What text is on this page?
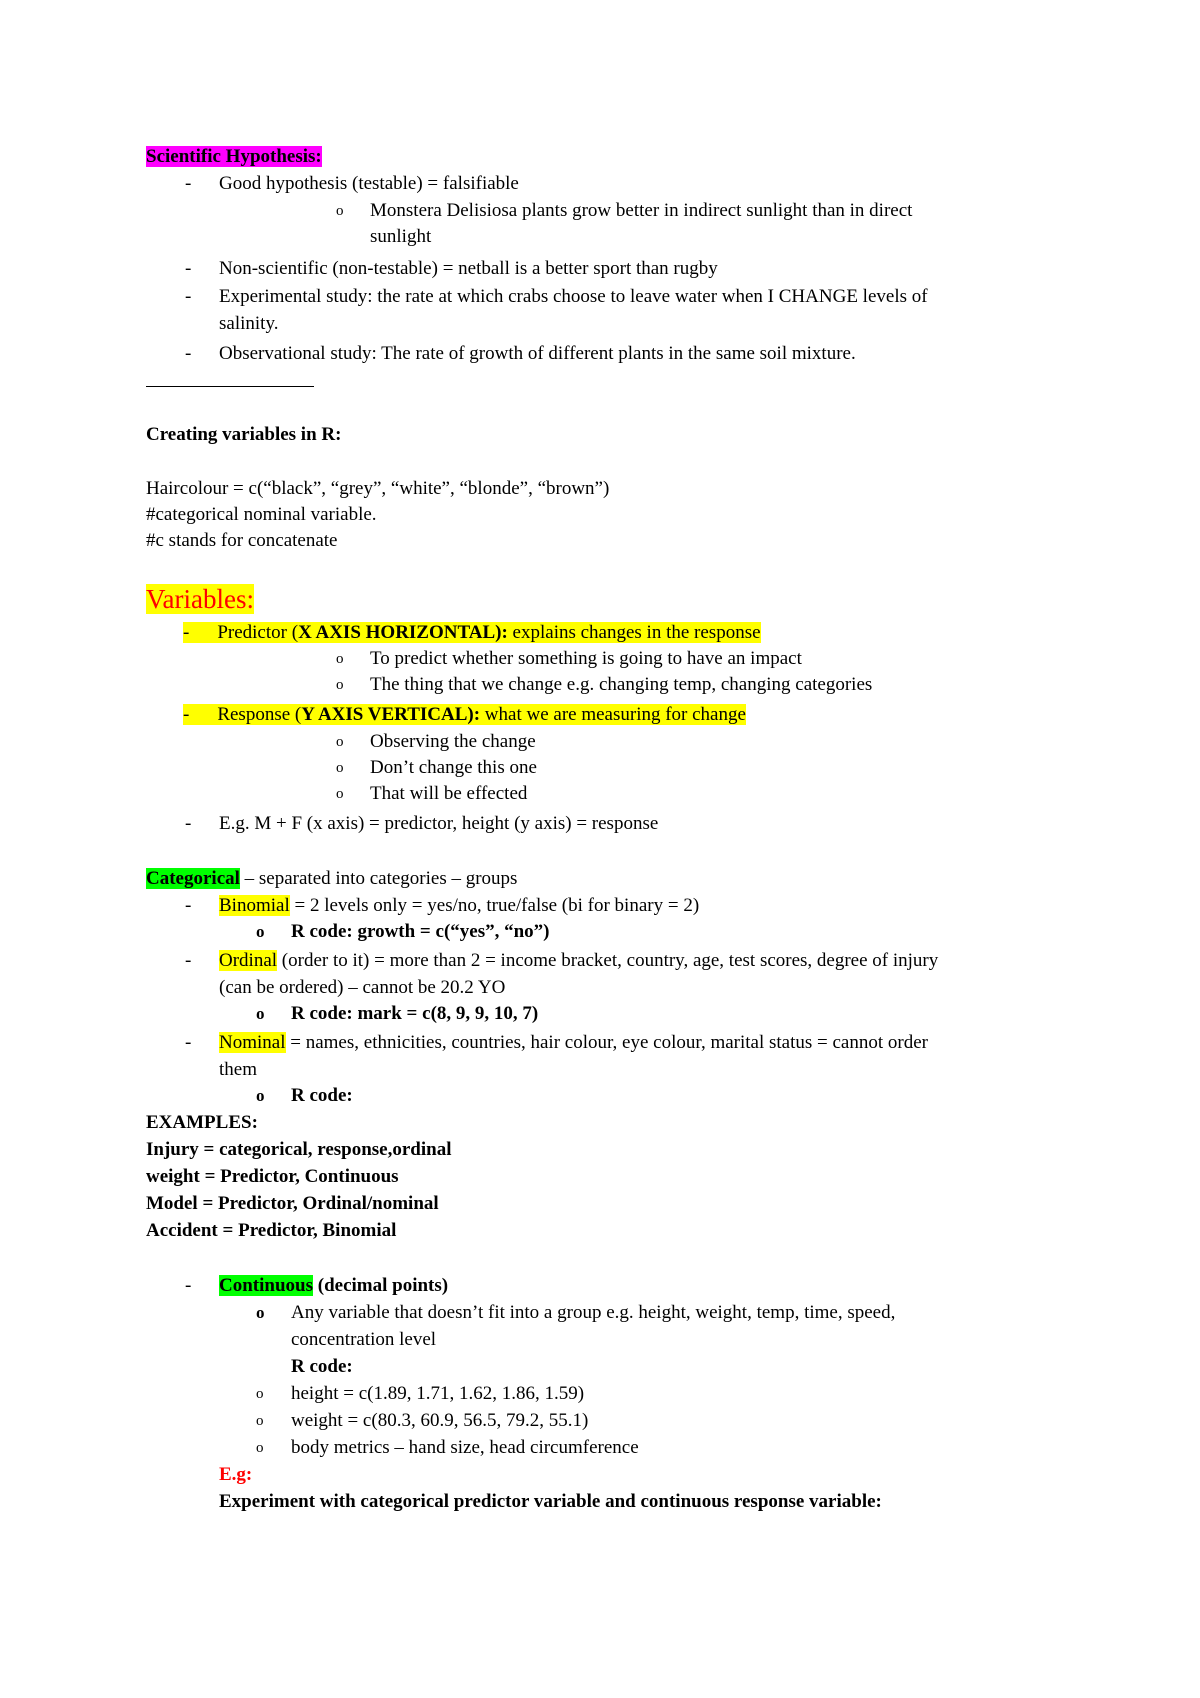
Scientific Hypothesis:
- Good hypothesis (testable) = falsifiable
o Monstera Delisiosa plants grow better in indirect sunlight than in direct
sunlight
- Non-scientific (non-testable) = netball is a better sport than rugby
- Experimental study: the rate at which crabs choose to leave water when I CHANGE levels of
salinity.
- Observational study: The rate of growth of different plants in the same soil mixture.
Creating variables in R:
Haircolour = c(“black”, “grey”, “white”, “blonde”, “brown”)
#categorical nominal variable.
#c stands for concatenate
Variables:
- Predictor (X AXIS HORIZONTAL): explains changes in the response
o To predict whether something is going to have an impact
o The thing that we change e.g. changing temp, changing categories
- Response (Y AXIS VERTICAL): what we are measuring for change
o Observing the change
o Don’t change this one
o That will be effected
- E.g. M + F (x axis) = predictor, height (y axis) = response
Categorical – separated into categories – groups
- Binomial = 2 levels only = yes/no, true/false (bi for binary = 2)
o R code: growth = c(“yes”, “no”)
- Ordinal (order to it) = more than 2 = income bracket, country, age, test scores, degree of injury
(can be ordered) – cannot be 20.2 YO
o R code: mark = c(8, 9, 9, 10, 7)
- Nominal = names, ethnicities, countries, hair colour, eye colour, marital status = cannot order
them
o R code:
EXAMPLES:
Injury = categorical, response,ordinal
weight = Predictor, Continuous
Model = Predictor, Ordinal/nominal
Accident = Predictor, Binomial
- Continuous (decimal points)
o Any variable that doesn’t fit into a group e.g. height, weight, temp, time, speed,
concentration level
R code:
o height = c(1.89, 1.71, 1.62, 1.86, 1.59)
o weight = c(80.3, 60.9, 56.5, 79.2, 55.1)
o body metrics – hand size, head circumference
E.g:
Experiment with categorical predictor variable and continuous response variable:
